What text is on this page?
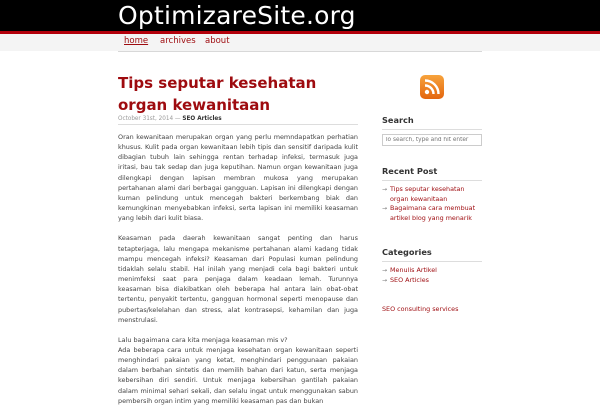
OptimizareSite.org
home archives about
Tips seputar kesehatan organ kewanitaan
October 31st, 2014 — SEO Articles

Oran kewanitaan merupakan organ yang perlu memndapatkan perhatian khusus. Kulit pada organ kewanitaan lebih tipis dan sensitif daripada kulit dibagian tubuh lain sehingga rentan terhadap infeksi, termasuk juga iritasi, bau tak sedap dan juga keputihan. Namun organ kewanitaan juga dilengkapi dengan lapisan membran mukosa yang merupakan pertahanan alami dari berbagai gangguan. Lapisan ini dilengkapi dengan kuman pelindung untuk mencegah bakteri berkembang biak dan kemungkinan menyebabkan infeksi, serta lapisan ini memiliki keasaman yang lebih dari kulit biasa.

Keasaman pada daerah kewanitaan sangat penting dan harus tetapterjaga, lalu mengapa mekanisme pertahanan alami kadang tidak mampu mencegah infeksi? Keasaman dari Populasi kuman pelindung tidaklah selalu stabil. Hal inilah yang menjadi cela bagi bakteri untuk menimfeksi saat para penjaga dalam keadaan lemah. Turunnya keasaman bisa diakibatkan oleh beberapa hal antara lain obat-obat tertentu, penyakit tertentu, gangguan hormonal seperti menopause dan pubertas/kelelahan dan stress, alat kontrasepsi, kehamilan dan juga menstrulasi.

Lalu bagaimana cara kita menjaga keasaman mis v?
Ada beberapa cara untuk menjaga kesehatan organ kewanitaan seperti menghindari pakaian yang ketat, menghindari penggunaan pakaian dalam berbahan sintetis dan memilih bahan dari katun, serta menjaga kebersihan diri sendiri. Untuk menjaga kebersihan gantilah pakaian dalam minimal sehari sekali, dan selalu ingat untuk menggunakan sabun pembersih organ intim yang memiliki keasaman pas dan bukan

Search
To search, type and hit enter
Recent Post
→ Tips seputar kesehatan organ kewanitaan
→ Bagaimana cara membuat artikel blog yang menarik
Categories
→ Menulis Artikel
→ SEO Articles
SEO consulting services
